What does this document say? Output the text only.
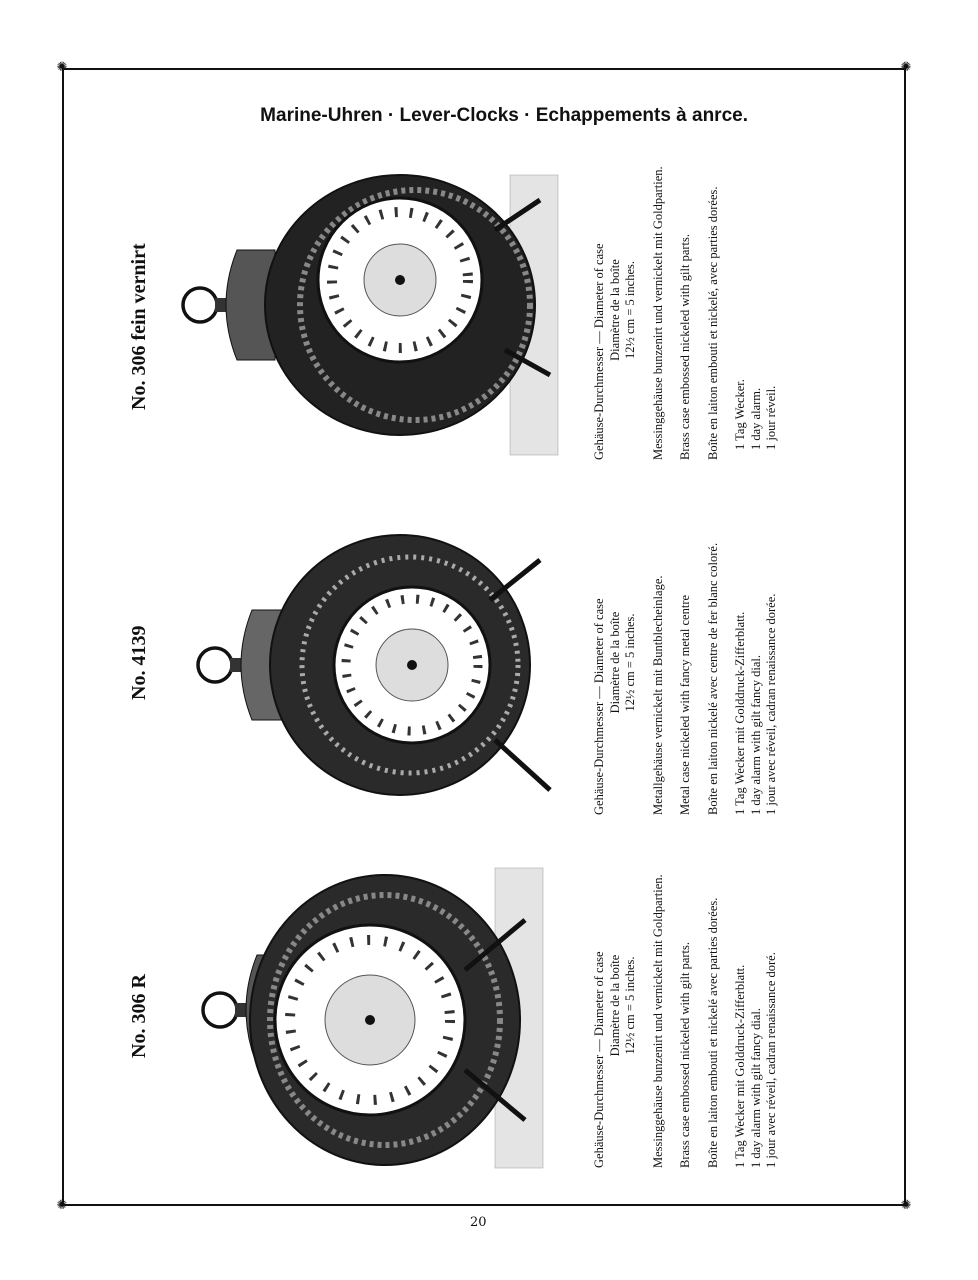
✺	✺
✺	✺
Marine-Uhren · Lever-Clocks · Echappements à anrce.
20
No. 306 R	Gehäuse-Durchmesser — Diameter of case Diamètre de la boîte 12½ cm = 5 inches. Messinggehäuse bunzenirt und vernickelt mit Goldpartien. Brass case embossed nickeled with gilt parts. Boîte en laiton embouti et nickelé avec parties dorées. 1 Tag Wecker mit Golddruck-Zifferblatt. 1 day alarm with gilt fancy dial. 1 jour avec réveil, cadran renaissance doré.

No. 4139	Gehäuse-Durchmesser — Diameter of case Diamètre de la boîte 12½ cm = 5 inches. Metallgehäuse vernickelt mit Buntblecheinlage. Metal case nickeled with fancy metal centre Boîte en laiton nickelé avec centre de fer blanc coloré. 1 Tag Wecker mit Golddruck-Zifferblatt. 1 day alarm with gilt fancy dial. 1 jour avec réveil, cadran renaissance dorée.

No. 306 fein vernirt	Gehäuse-Durchmesser — Diameter of case Diamètre de la boîte 12½ cm = 5 inches. Messinggehäuse bunzenirt und vernickelt mit Goldpartien. Brass case embossed nickeled with gilt parts. Boîte en laiton embouti et nickelé, avec parties dorées. 1 Tag Wecker. 1 day alarm. 1 jour réveil.
